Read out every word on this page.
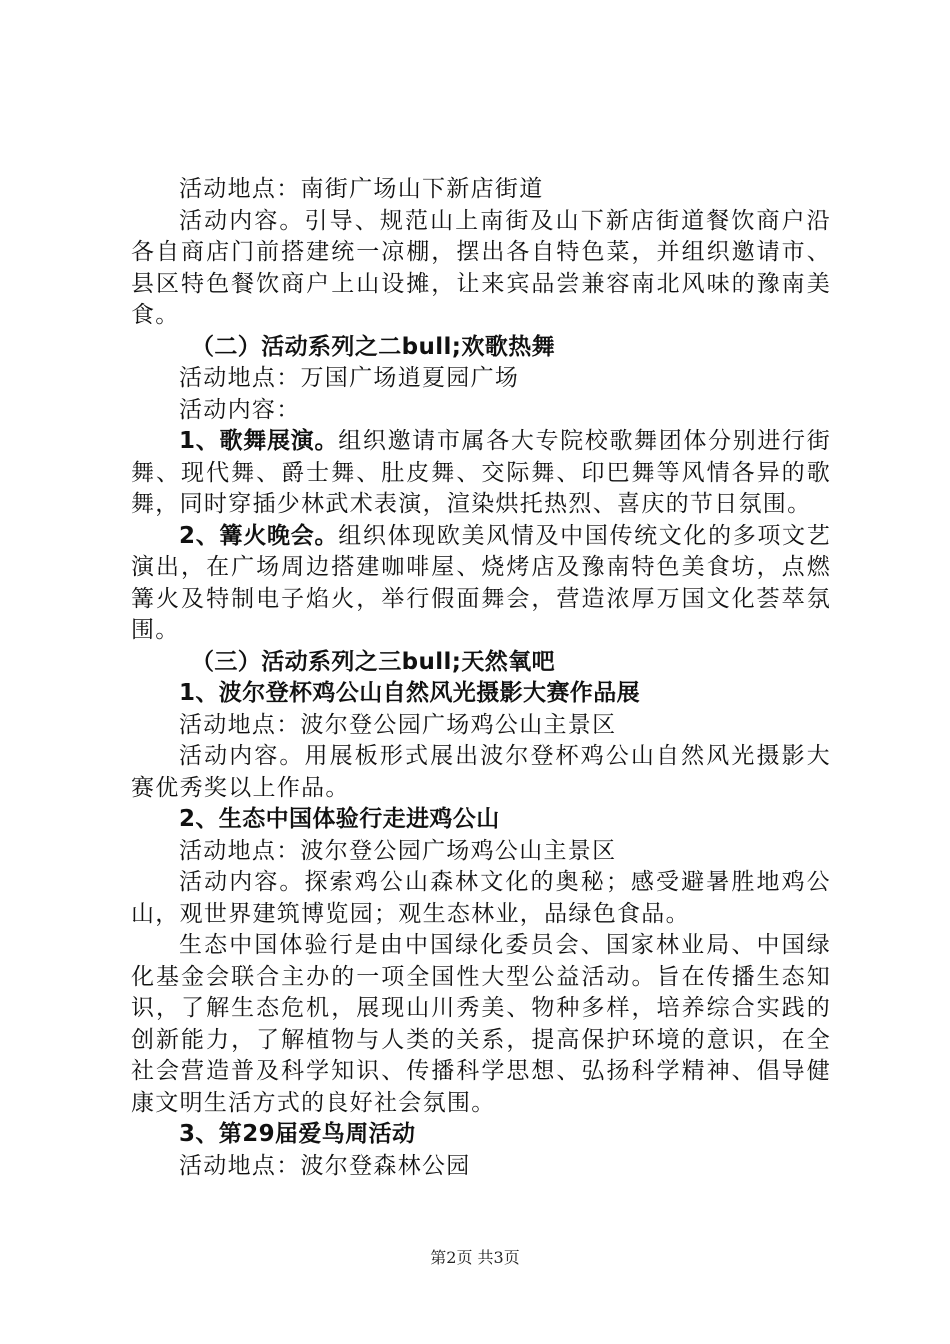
活动地点：南街广场山下新店街道

活动内容。引导、规范山上南街及山下新店街道餐饮商户沿各自商店门前搭建统一凉棚，摆出各自特色菜，并组织邀请市、县区特色餐饮商户上山设摊，让来宾品尝兼容南北风味的豫南美食。

（二）活动系列之二bull;欢歌热舞

活动地点：万国广场逍夏园广场

活动内容：

1、歌舞展演。组织邀请市属各大专院校歌舞团体分别进行街舞、现代舞、爵士舞、肚皮舞、交际舞、印巴舞等风情各异的歌舞，同时穿插少林武术表演，渲染烘托热烈、喜庆的节日氛围。

2、篝火晚会。组织体现欧美风情及中国传统文化的多项文艺演出，在广场周边搭建咖啡屋、烧烤店及豫南特色美食坊，点燃篝火及特制电子焰火，举行假面舞会，营造浓厚万国文化荟萃氛围。

（三）活动系列之三bull;天然氧吧

1、波尔登杯鸡公山自然风光摄影大赛作品展

活动地点：波尔登公园广场鸡公山主景区

活动内容。用展板形式展出波尔登杯鸡公山自然风光摄影大赛优秀奖以上作品。

2、生态中国体验行走进鸡公山

活动地点：波尔登公园广场鸡公山主景区

活动内容。探索鸡公山森林文化的奥秘；感受避暑胜地鸡公山，观世界建筑博览园；观生态林业，品绿色食品。

生态中国体验行是由中国绿化委员会、国家林业局、中国绿化基金会联合主办的一项全国性大型公益活动。旨在传播生态知识，了解生态危机，展现山川秀美、物种多样，培养综合实践的创新能力，了解植物与人类的关系，提高保护环境的意识，在全社会营造普及科学知识、传播科学思想、弘扬科学精神、倡导健康文明生活方式的良好社会氛围。

3、第29届爱鸟周活动

活动地点：波尔登森林公园

第2页 共3页
